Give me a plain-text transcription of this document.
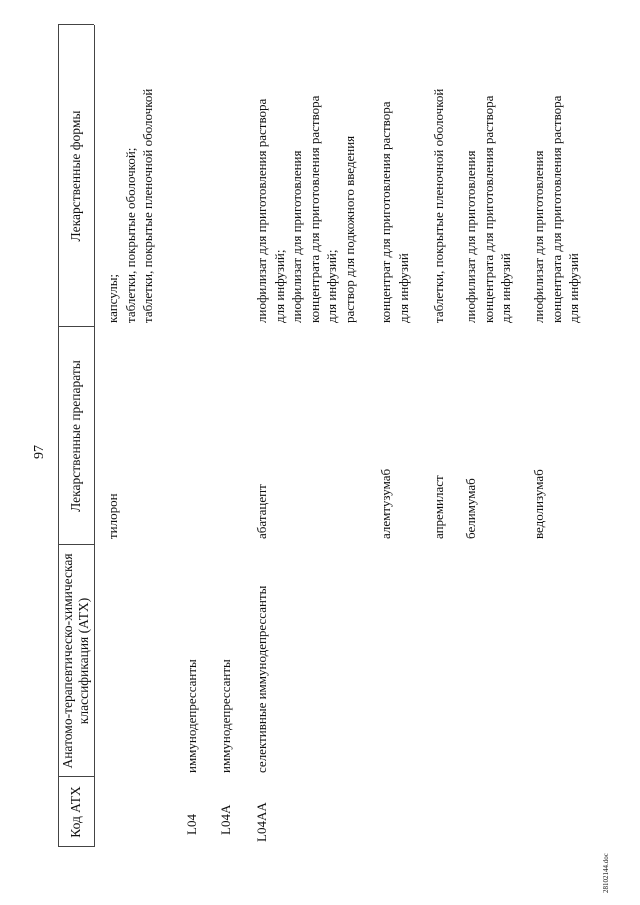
97
Код АТХ
Анатомо-терапевтическо-химическая классификация (АТХ)
Лекарственные препараты
Лекарственные формы
тилорон
капсулы;
таблетки, покрытые оболочкой;
таблетки, покрытые пленочной оболочкой
L04
иммунодепрессанты
L04A
иммунодепрессанты
L04AA
селективные иммунодепрессанты
абатацепт
лиофилизат для приготовления раствора
для инфузий;
лиофилизат для приготовления
концентрата для приготовления раствора
для инфузий;
раствор для подкожного введения
алемтузумаб
концентрат для приготовления раствора
для инфузий
апремиласт
таблетки, покрытые пленочной оболочкой
белимумаб
лиофилизат для приготовления
концентрата для приготовления раствора
для инфузий
ведолизумаб
лиофилизат для приготовления
концентрата для приготовления раствора
для инфузий
28102144.doc
